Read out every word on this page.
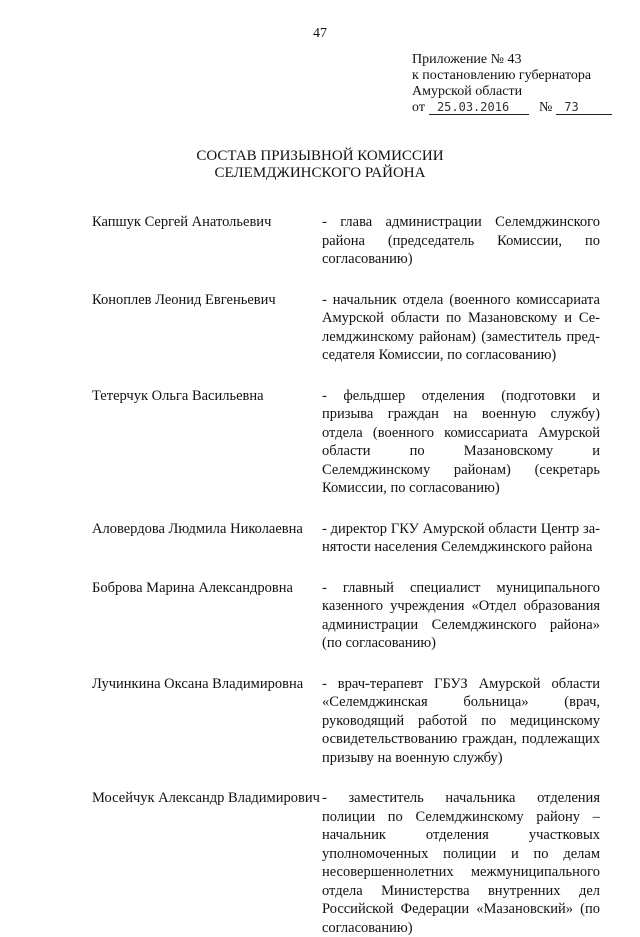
47
Приложение № 43
к постановлению губернатора
Амурской области
от 25.03.2016 № 73
СОСТАВ ПРИЗЫВНОЙ КОМИССИИ
СЕЛЕМДЖИНСКОГО РАЙОНА
Капшук Сергей Анатольевич	- глава администрации Селемджинского района (председатель Комиссии, по согласованию)
Коноплев Леонид Евгеньевич	- начальник отдела (военного комиссариата Амурской области по Мазановскому и Селемджинскому районам) (заместитель председателя Комиссии, по согласованию)
Тетерчук Ольга Васильевна	- фельдшер отделения (подготовки и призыва граждан на военную службу) отдела (военного комиссариата Амурской области по Мазановскому и Селемджинскому районам) (секретарь Комиссии, по согласованию)
Аловердова Людмила Николаевна	- директор ГКУ Амурской области Центр занятости населения Селемджинского района
Боброва Марина Александровна	- главный специалист муниципального казенного учреждения «Отдел образования администрации Селемджинского района» (по согласованию)
Лучинкина Оксана Владимировна	- врач-терапевт ГБУЗ Амурской области «Селемджинская больница» (врач, руководящий работой по медицинскому освидетельствованию граждан, подлежащих призыву на военную службу)
Мосейчук Александр Владимирович - заместитель начальника отделения полиции по Селемджинскому району – начальник отделения участковых уполномоченных полиции и по делам несовершеннолетних межмуниципального отдела Министерства внутренних дел Российской Федерации «Мазановский» (по согласованию)
